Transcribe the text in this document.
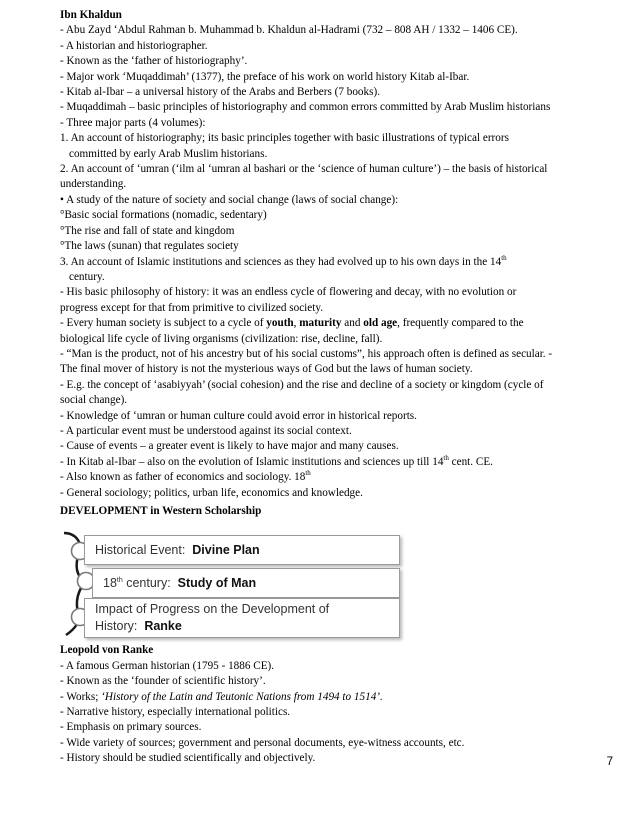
Ibn Khaldun
- Abu Zayd ‘Abdul Rahman b. Muhammad b. Khaldun al-Hadrami (732 – 808 AH / 1332 – 1406 CE).
- A historian and historiographer.
- Known as the ‘father of historiography’.
- Major work ‘Muqaddimah’ (1377), the preface of his work on world history Kitab al-Ibar.
- Kitab al-Ibar – a universal history of the Arabs and Berbers (7 books).
- Muqaddimah – basic principles of historiography and common errors committed by Arab Muslim historians
- Three major parts (4 volumes):
1. An account of historiography; its basic principles together with basic illustrations of typical errors
committed by early Arab Muslim historians.
2. An account of ‘umran (‘ilm al ‘umran al bashari or the ‘science of human culture’) – the basis of historical
understanding.
• A study of the nature of society and social change (laws of social change):
°Basic social formations (nomadic, sedentary)
°The rise and fall of state and kingdom
°The laws (sunan) that regulates society
3. An account of Islamic institutions and sciences as they had evolved up to his own days in the 14th
century.
- His basic philosophy of history: it was an endless cycle of flowering and decay, with no evolution or
progress except for that from primitive to civilized society.
- Every human society is subject to a cycle of youth, maturity and old age, frequently compared to the
biological life cycle of living organisms (civilization: rise, decline, fall).
- “Man is the product, not of his ancestry but of his social customs”, his approach often is defined as secular. -
The final mover of history is not the mysterious ways of God but the laws of human society.
- E.g. the concept of ‘asabiyyah’ (social cohesion) and the rise and decline of a society or kingdom (cycle of
social change).
- Knowledge of ‘umran or human culture could avoid error in historical reports.
- A particular event must be understood against its social context.
- Cause of events – a greater event is likely to have major and many causes.
- In Kitab al-Ibar – also on the evolution of Islamic institutions and sciences up till 14th cent. CE.
- Also known as father of economics and sociology. 18th
- General sociology; politics, urban life, economics and knowledge.
DEVELOPMENT in Western Scholarship
Historical Event: Divine Plan
18th century: Study of Man
Impact of Progress on the Development of
History:  Ranke
Leopold von Ranke
- A famous German historian (1795 - 1886 CE).
- Known as the ‘founder of scientific history’.
- Works; ‘History of the Latin and Teutonic Nations from 1494 to 1514’.
- Narrative history, especially international politics.
- Emphasis on primary sources.
- Wide variety of sources; government and personal documents, eye-witness accounts, etc.
- History should be studied scientifically and objectively.	7
